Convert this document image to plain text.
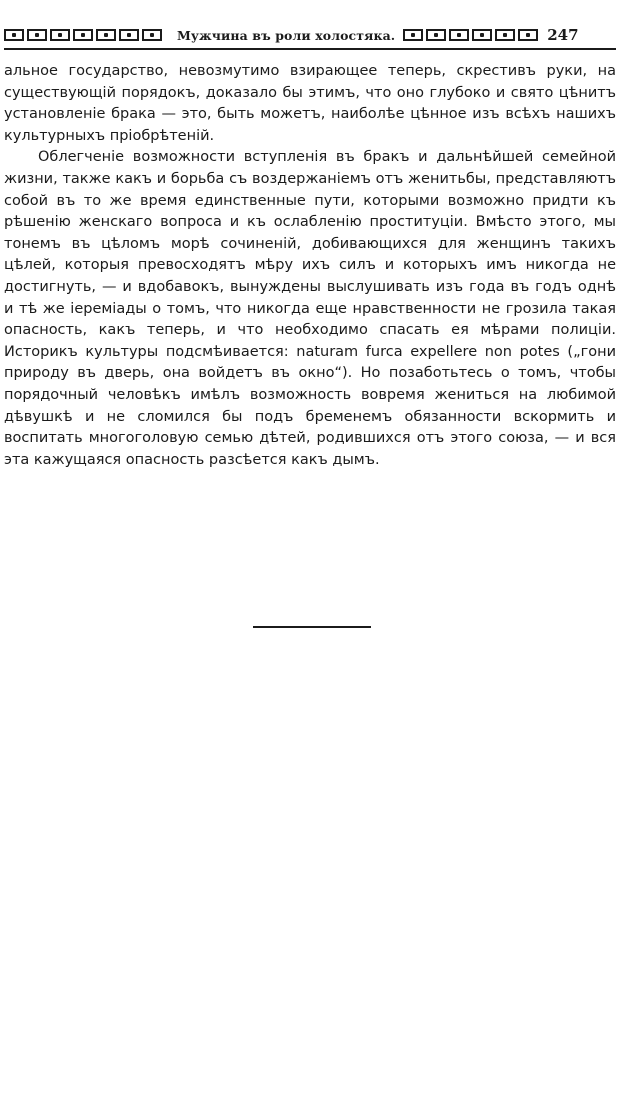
Мужчина въ роли холостяка.	247

альное государство, невозмутимо взирающее теперь, скрестивъ руки, на существующій порядокъ, доказало бы этимъ, что оно глубоко и свято цѣнитъ установленіе брака — это, быть можетъ, наиболѣе цѣнное изъ всѣхъ нашихъ культурныхъ пріобрѣтеній.

Облегченіе возможности вступленія въ бракъ и дальнѣйшей семейной жизни, также какъ и борьба съ воздержаніемъ отъ женитьбы, представляютъ собой въ то же время единственные пути, которыми возможно придти къ рѣшенію женскаго вопроса и къ ослабленію проституціи. Вмѣсто этого, мы тонемъ въ цѣломъ морѣ сочиненій, добивающихся для женщинъ такихъ цѣлей, которыя превосходятъ мѣру ихъ силъ и которыхъ имъ никогда не достигнуть, — и вдобавокъ, вынуждены выслушивать изъ года въ годъ однѣ и тѣ же іереміады о томъ, что никогда еще нравственности не грозила такая опасность, какъ теперь, и что необходимо спасать ея мѣрами полиціи. Историкъ культуры подсмѣивается: naturam furca expellere non potes („гони природу въ дверь, она войдетъ въ окно“). Но позаботьтесь о томъ, чтобы порядочный человѣкъ имѣлъ возможность вовремя жениться на любимой дѣвушкѣ и не сломился бы подъ бременемъ обязанности вскормить и воспитать многоголовую семью дѣтей, родившихся отъ этого союза, — и вся эта кажущаяся опасность разсѣется какъ дымъ.
